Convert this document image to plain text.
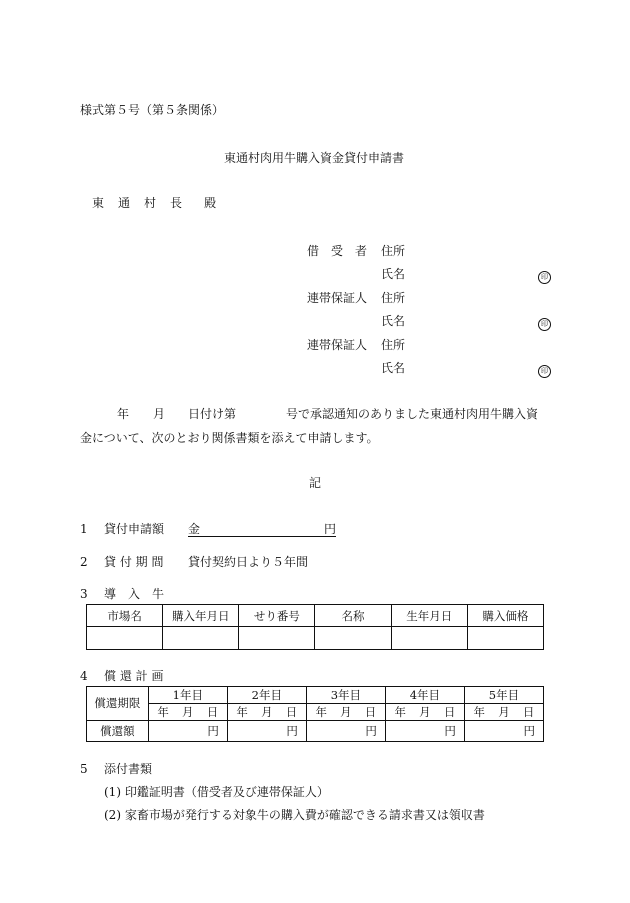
様式第５号（第５条関係）
東通村肉用牛購入資金貸付申請書
東 通 村 長 殿
借　受　者 住所
氏名	印
連帯保証人 住所
氏名	印
連帯保証人 住所
氏名	印
年 月 日付け第	号で承認通知のありました東通村肉用牛購入資
金について、次のとおり関係書類を添えて申請します。
記
1 貸付申請額 金	円
2 貸 付 期 間 貸付契約日より５年間
3 導　入　牛
市場名	購入年月日	せり番号	名称	生年月日	購入価格

4 償 還 計 画
償還期限	1年目	2年目	3年目	4年目	5年目

	年 月 日	年 月 日	年 月 日	年 月 日	年 月 日

償還額	円	円	円	円	円
5 添付書類
(1) 印鑑証明書（借受者及び連帯保証人）
(2) 家畜市場が発行する対象牛の購入費が確認できる請求書又は領収書
